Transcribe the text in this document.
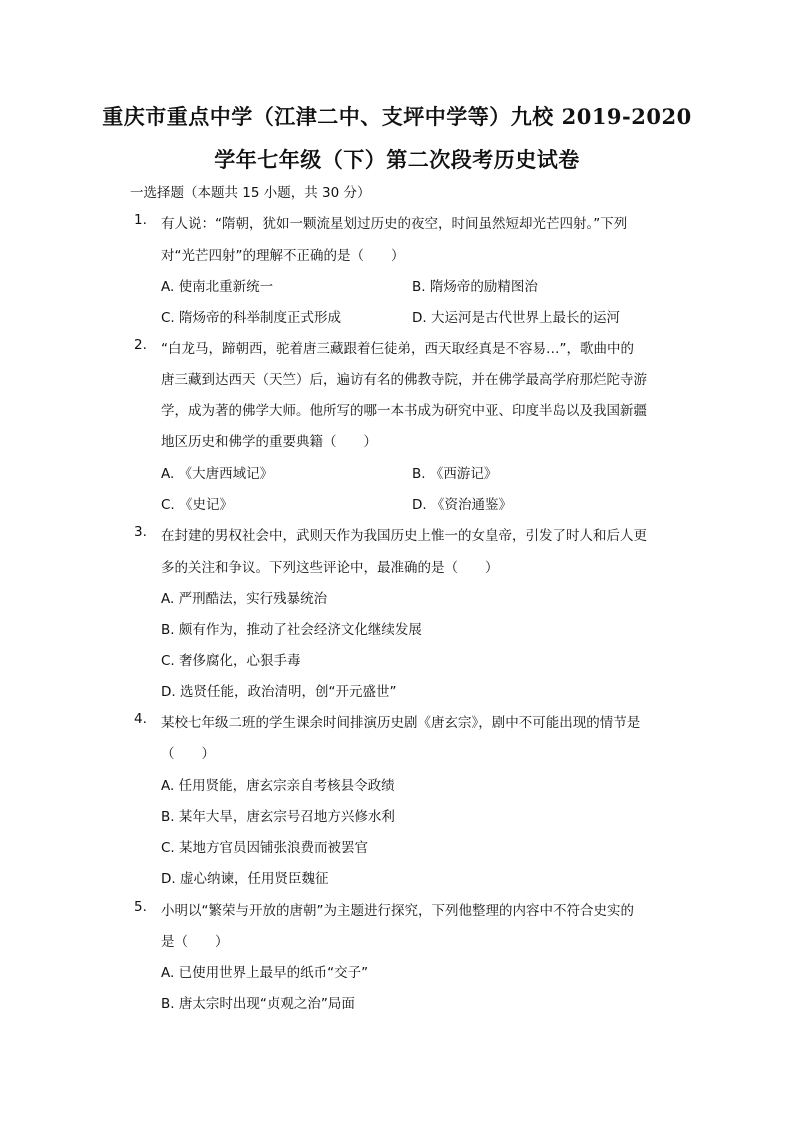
重庆市重点中学（江津二中、支坪中学等）九校 2019-2020
学年七年级（下）第二次段考历史试卷
一选择题（本题共 15 小题，共 30 分）
1. 有人说：“隋朝，犹如一颗流星划过历史的夜空，时间虽然短却光芒四射。”下列
对“光芒四射”的理解不正确的是（　　）
A. 使南北重新统一	B. 隋炀帝的励精图治
C. 隋炀帝的科举制度正式形成	D. 大运河是古代世界上最长的运河
2. “白龙马，蹄朝西，驼着唐三藏跟着仨徒弟，西天取经真是不容易…”，歌曲中的
唐三藏到达西天（天竺）后，遍访有名的佛教寺院，并在佛学最高学府那烂陀寺游
学，成为著的佛学大师。他所写的哪一本书成为研究中亚、印度半岛以及我国新疆
地区历史和佛学的重要典籍（　　）
A. 《大唐西域记》	B. 《西游记》
C. 《史记》	D. 《资治通鉴》
3. 在封建的男权社会中，武则天作为我国历史上惟一的女皇帝，引发了时人和后人更
多的关注和争议。下列这些评论中，最准确的是（　　）
A. 严刑酷法，实行残暴统治
B. 颇有作为，推动了社会经济文化继续发展
C. 奢侈腐化，心狠手毒
D. 选贤任能，政治清明，创“开元盛世”
4. 某校七年级二班的学生课余时间排演历史剧《唐玄宗》，剧中不可能出现的情节是
（　　）
A. 任用贤能，唐玄宗亲自考核县令政绩
B. 某年大旱，唐玄宗号召地方兴修水利
C. 某地方官员因铺张浪费而被罢官
D. 虚心纳谏，任用贤臣魏征
5. 小明以“繁荣与开放的唐朝”为主题进行探究，下列他整理的内容中不符合史实的
是（　　）
A. 已使用世界上最早的纸币“交子”
B. 唐太宗时出现“贞观之治”局面
